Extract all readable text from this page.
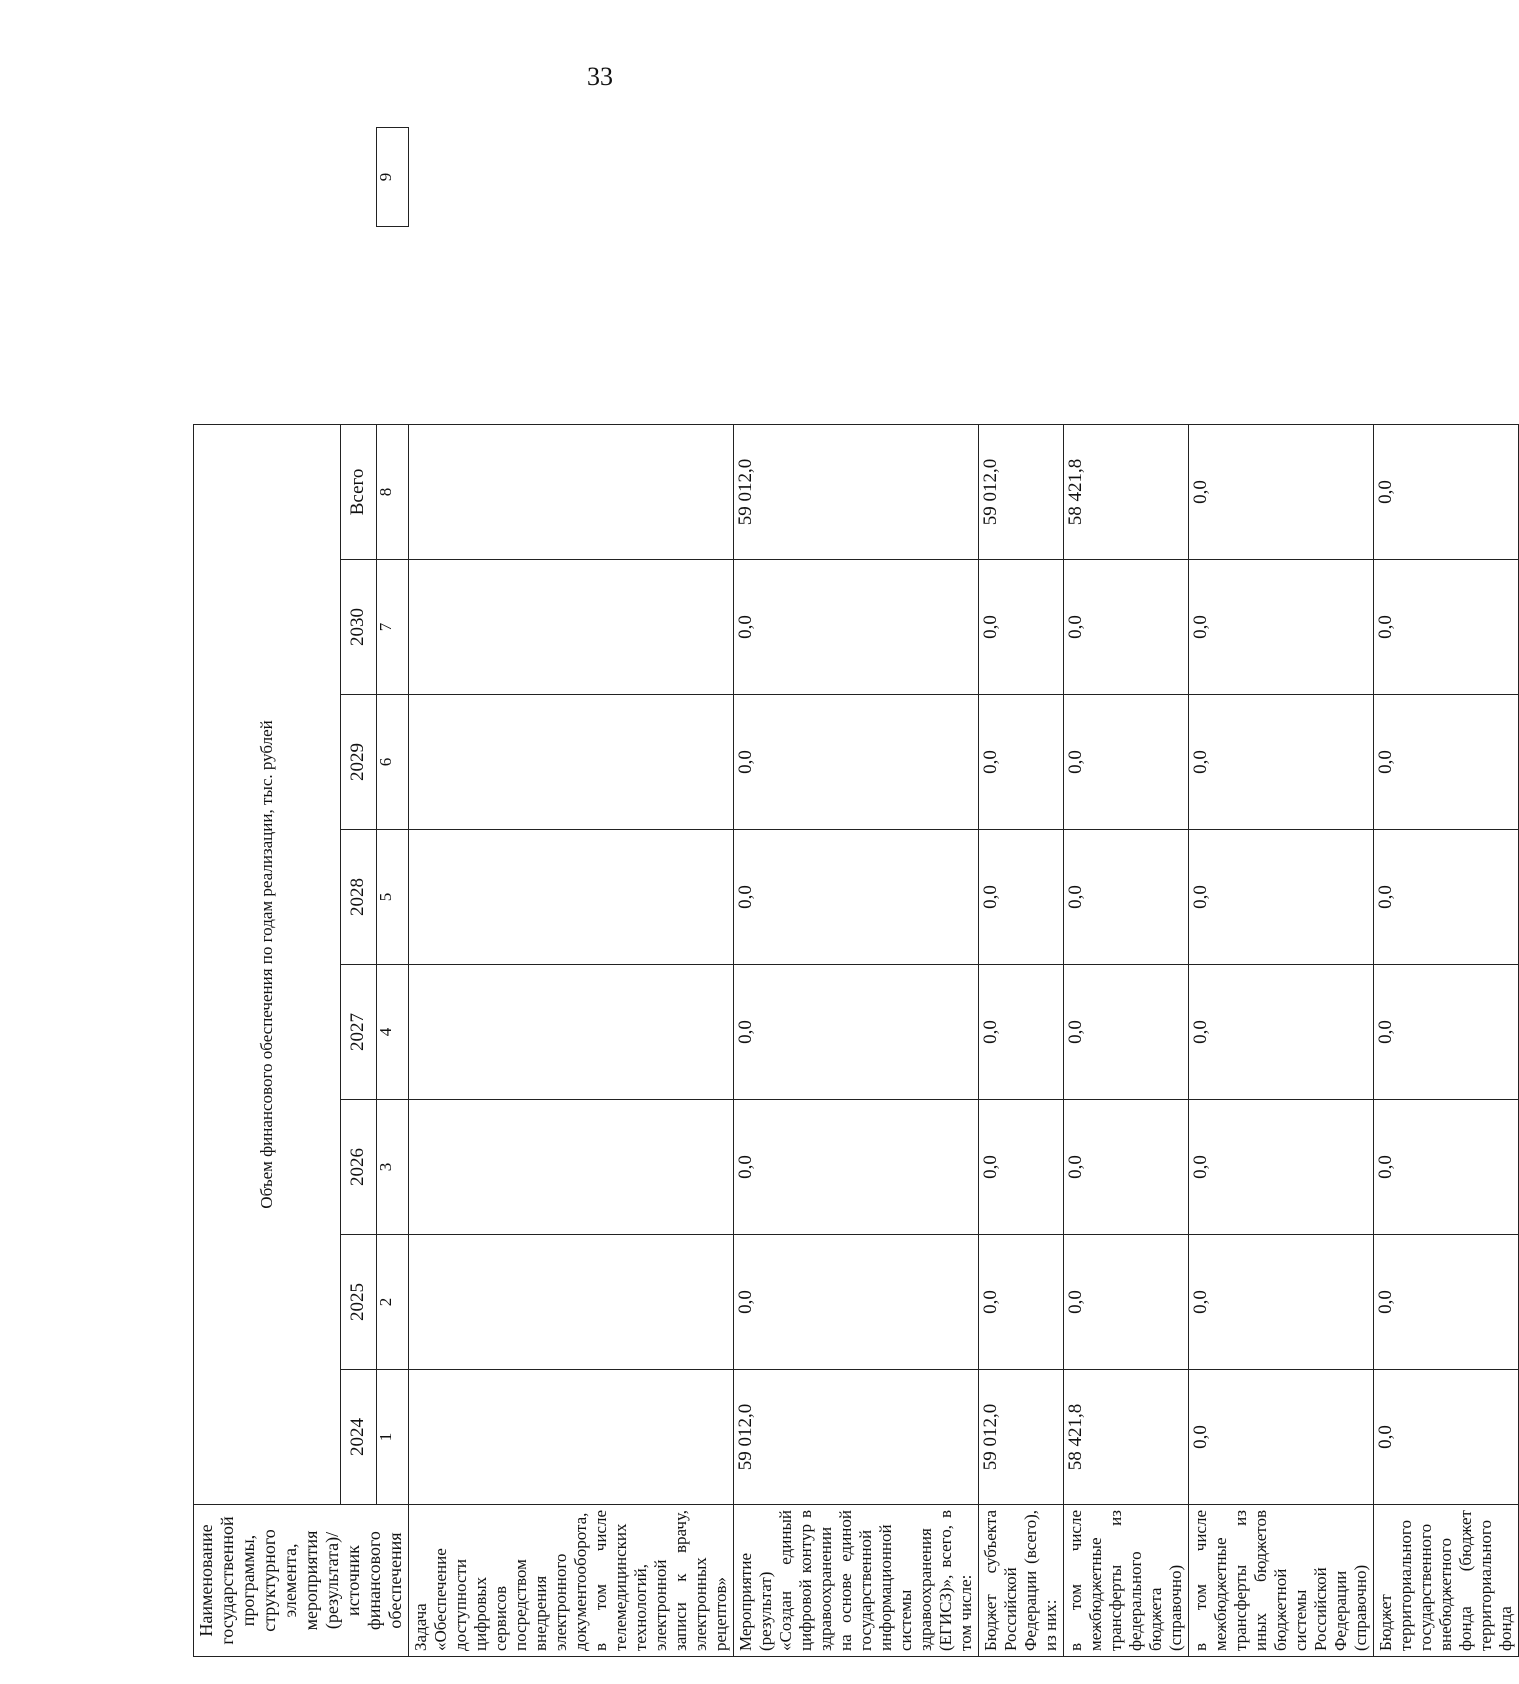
33
Наименование государственной программы, структурного элемента, мероприятия (результата)/источник финансового обеспечения	Объем финансового обеспечения по годам реализации, тыс. рублей									
	2024	2025	2026	2027	2028	2029	2030	Всего		
	1	2	3	4	5	6	7	8		9
Задача «Обеспечение доступности цифровых сервисов посредством внедрения электронного документооборота, в том числе телемедицинских технологий, электронной записи к врачу, электронных рецептов»										
Мероприятие (результат) «Создан единый цифровой контур в здравоохранении на основе единой государственной информационной системы здравоохранения (ЕГИСЗ)», всего, в том числе:	59 012,0	0,0	0,0	0,0	0,0	0,0	0,0	59 012,0		
Бюджет субъекта Российской Федерации (всего), из них:	59 012,0	0,0	0,0	0,0	0,0	0,0	0,0	59 012,0		
в том числе межбюджетные трансферты из федерального бюджета (справочно)	58 421,8	0,0	0,0	0,0	0,0	0,0	0,0	58 421,8		
в том числе межбюджетные трансферты из иных бюджетов бюджетной системы Российской Федерации (справочно)	0,0	0,0	0,0	0,0	0,0	0,0	0,0	0,0		
Бюджет территориального государственного внебюджетного фонда (бюджет территориального фонда	0,0	0,0	0,0	0,0	0,0	0,0	0,0	0,0		
